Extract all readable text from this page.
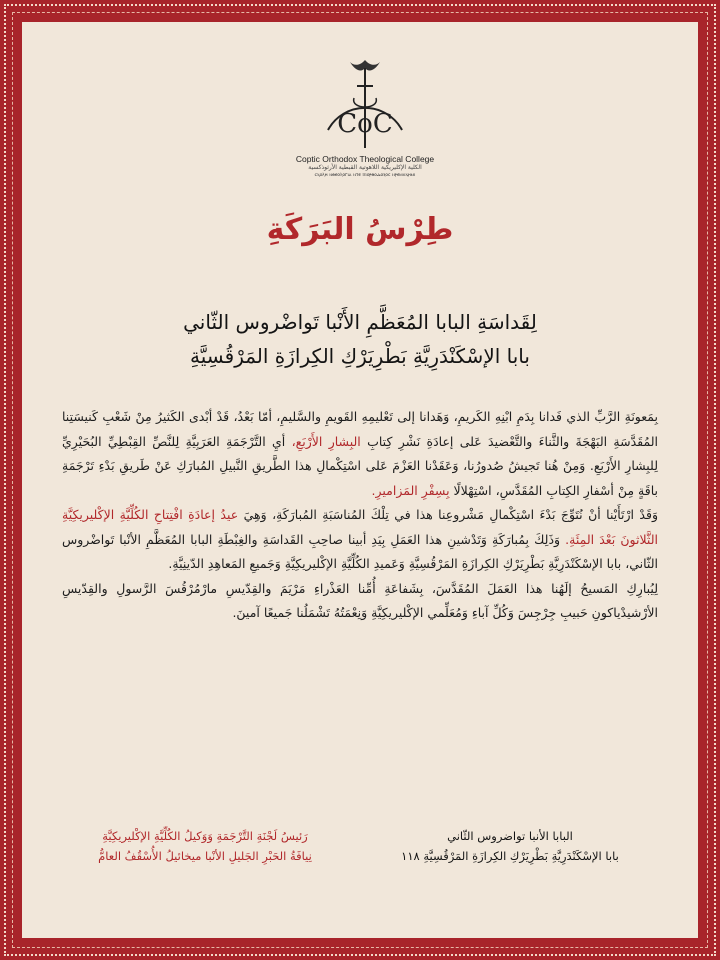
CoC
Coptic Orthodox Theological College
الكلية الإكليريكية اللاهوتية القبطية الأرثوذكسية
ⲥⲭⲟⲗⲏ ⲛⲑⲉⲟⲗⲟⲅⲓⲁ ⲛⲧⲉ ⲡⲓⲟⲣⲑⲟⲇⲟⲝⲟⲥ ⲛⲣⲉⲙⲛⲭⲏⲙⲓ
طِرْسُ البَرَكَةِ
لِقَداسَةِ البابا المُعَظَّمِ الأَنْبا تَواضْروس الثّاني
بابا الإسْكَنْدَرِيَّةِ بَطْرِيَرْكِ الكِرازَةِ المَرْقُسِيَّةِ

بِمَعونَةِ الرَّبِّ الذي فَدانا بِدَمِ ابْنِهِ الكَريمِ، وَهَدانا إلى تَعْليمِهِ القَويمِ والسَّليمِ، أمّا بَعْدُ، قَدْ أبْدى الكَثيرُ مِنْ شَعْبِ كَنيسَتِنا المُقَدَّسَةِ البَهْجَةَ والثَّناءَ والتَّعْضيدَ عَلى إعادَةِ نَشْرِ كِتابِ البِشارِ الأَرْبَعِ، أيِ التَّرْجَمَةِ العَرَبِيَّةِ لِلنَّصِّ القِبْطِيِّ البُحَيْرِيِّ لِلبِشارِ الأَرْبَعِ. وَمِنْ هُنا تَجيشُ صُدورُنا، وَعَقَدْنا العَزْمَ عَلى اسْتِكْمالِ هذا الطَّريقِ النَّبيلِ المُبارَكِ عَنْ طَريقِ بَدْءِ تَرْجَمَةِ باقَةٍ مِنْ أسْفارِ الكِتابِ المُقَدَّسِ، اسْتِهْلالًا بِسِفْرِ المَزاميرِ.

وَقَدْ ارْتَأَيْنا أنْ نُتَوِّجَ بَدْءَ اسْتِكْمالِ مَشْروعِنا هذا في تِلْكَ المُناسَبَةِ المُبارَكَةِ، وَهِيَ عيدُ إعادَةِ افْتِتاحِ الكُلِّيَّةِ الإكْليريكِيَّةِ الثَّلاثونَ بَعْدَ المِئَةِ. وَذَلِكَ بِمُبارَكَةِ وَتَدْشينِ هذا العَمَلِ بِيَدِ أبينا صاحِبِ القَداسَةِ والغِبْطَةِ البابا المُعَظَّمِ الأنْبا تَواضْروس الثّاني، بابا الإسْكَنْدَرِيَّةِ بَطْرِيَرْكِ الكِرازَةِ المَرْقُسِيَّةِ وَعَميدِ الكُلِّيَّةِ الإكْليريكِيَّةِ وَجَميعِ المَعاهِدِ الدّينِيَّةِ.

لِيُبارِكِ المَسيحُ إلَهُنا هذا العَمَلَ المُقَدَّسَ، بِشَفاعَةِ أُمِّنا العَذْراءِ مَرْيَمَ والقِدّيسِ مارْمُرْقُسَ الرَّسولِ والقِدّيسِ الأرْشيدْياكونِ حَبيبِ جِرْجِسَ وَكُلِّ آباءِ وَمُعَلِّمي الإكْليريكِيَّةِ وَنِعْمَتُهُ تَشْمَلُنا جَميعًا آمينَ.

البابا الأنبا تواضروس الثّاني
بابا الإسْكَنْدَرِيَّةِ بَطْرِيَرْكِ الكِرازَةِ المَرْقُسِيَّةِ ١١٨
رَئيسُ لَجْنَةِ التَّرْجَمَةِ وَوَكيلُ الكُلِّيَّةِ الإكْليريكِيَّةِ
نِيافَةُ الحَبْرِ الجَليلِ الأنْبا ميخائيلُ الأُسْقُفُ العامُّ
